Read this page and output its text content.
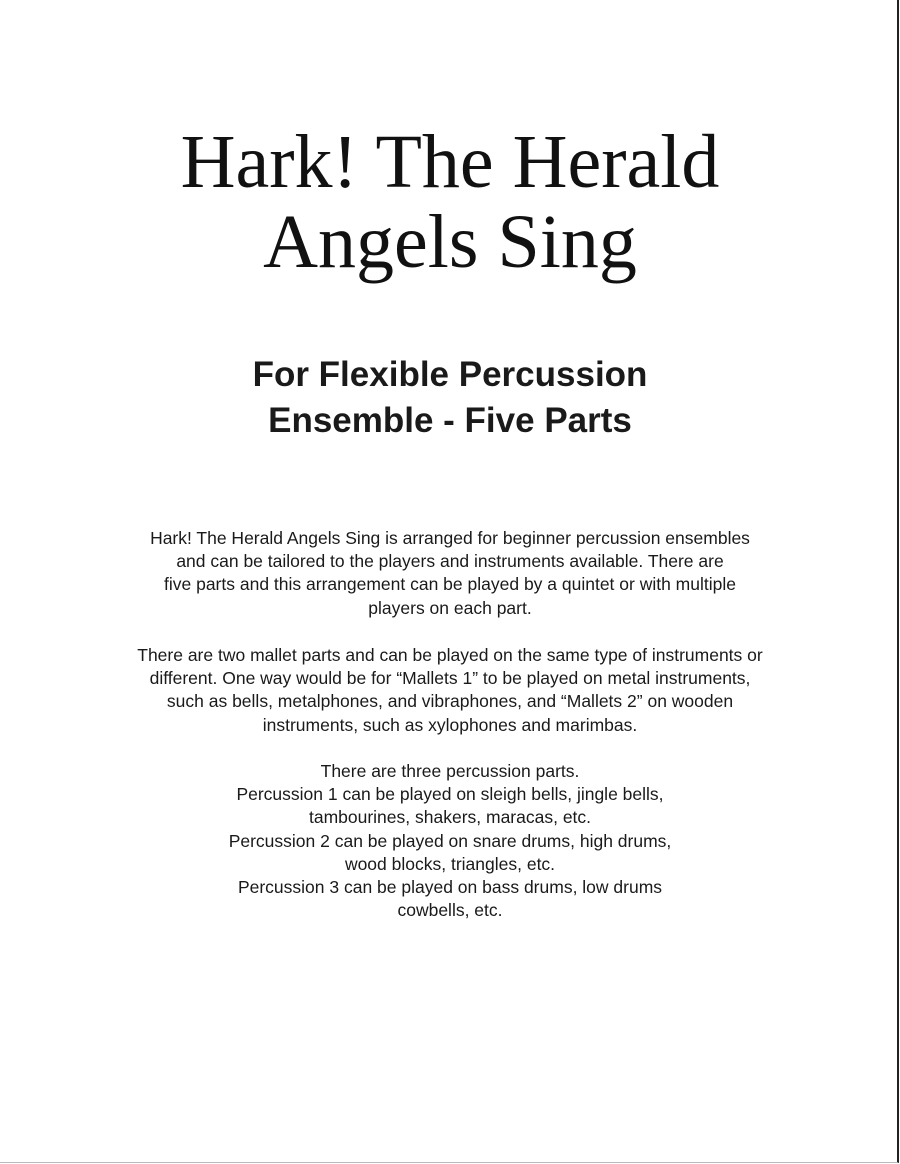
Hark! The Herald
Angels Sing
For Flexible Percussion
Ensemble - Five Parts
Hark! The Herald Angels Sing is arranged for beginner percussion ensembles
and can be tailored to the players and instruments available. There are
five parts and this arrangement can be played by a quintet or with multiple
players on each part.
There are two mallet parts and can be played on the same type of instruments or
different. One way would be for “Mallets 1” to be played on metal instruments,
such as bells, metalphones, and vibraphones, and “Mallets 2” on wooden
instruments, such as xylophones and marimbas.
There are three percussion parts.
Percussion 1 can be played on sleigh bells, jingle bells,
tambourines, shakers, maracas, etc.
Percussion 2 can be played on snare drums, high drums,
wood blocks, triangles, etc.
Percussion 3 can be played on bass drums, low drums
cowbells, etc.
